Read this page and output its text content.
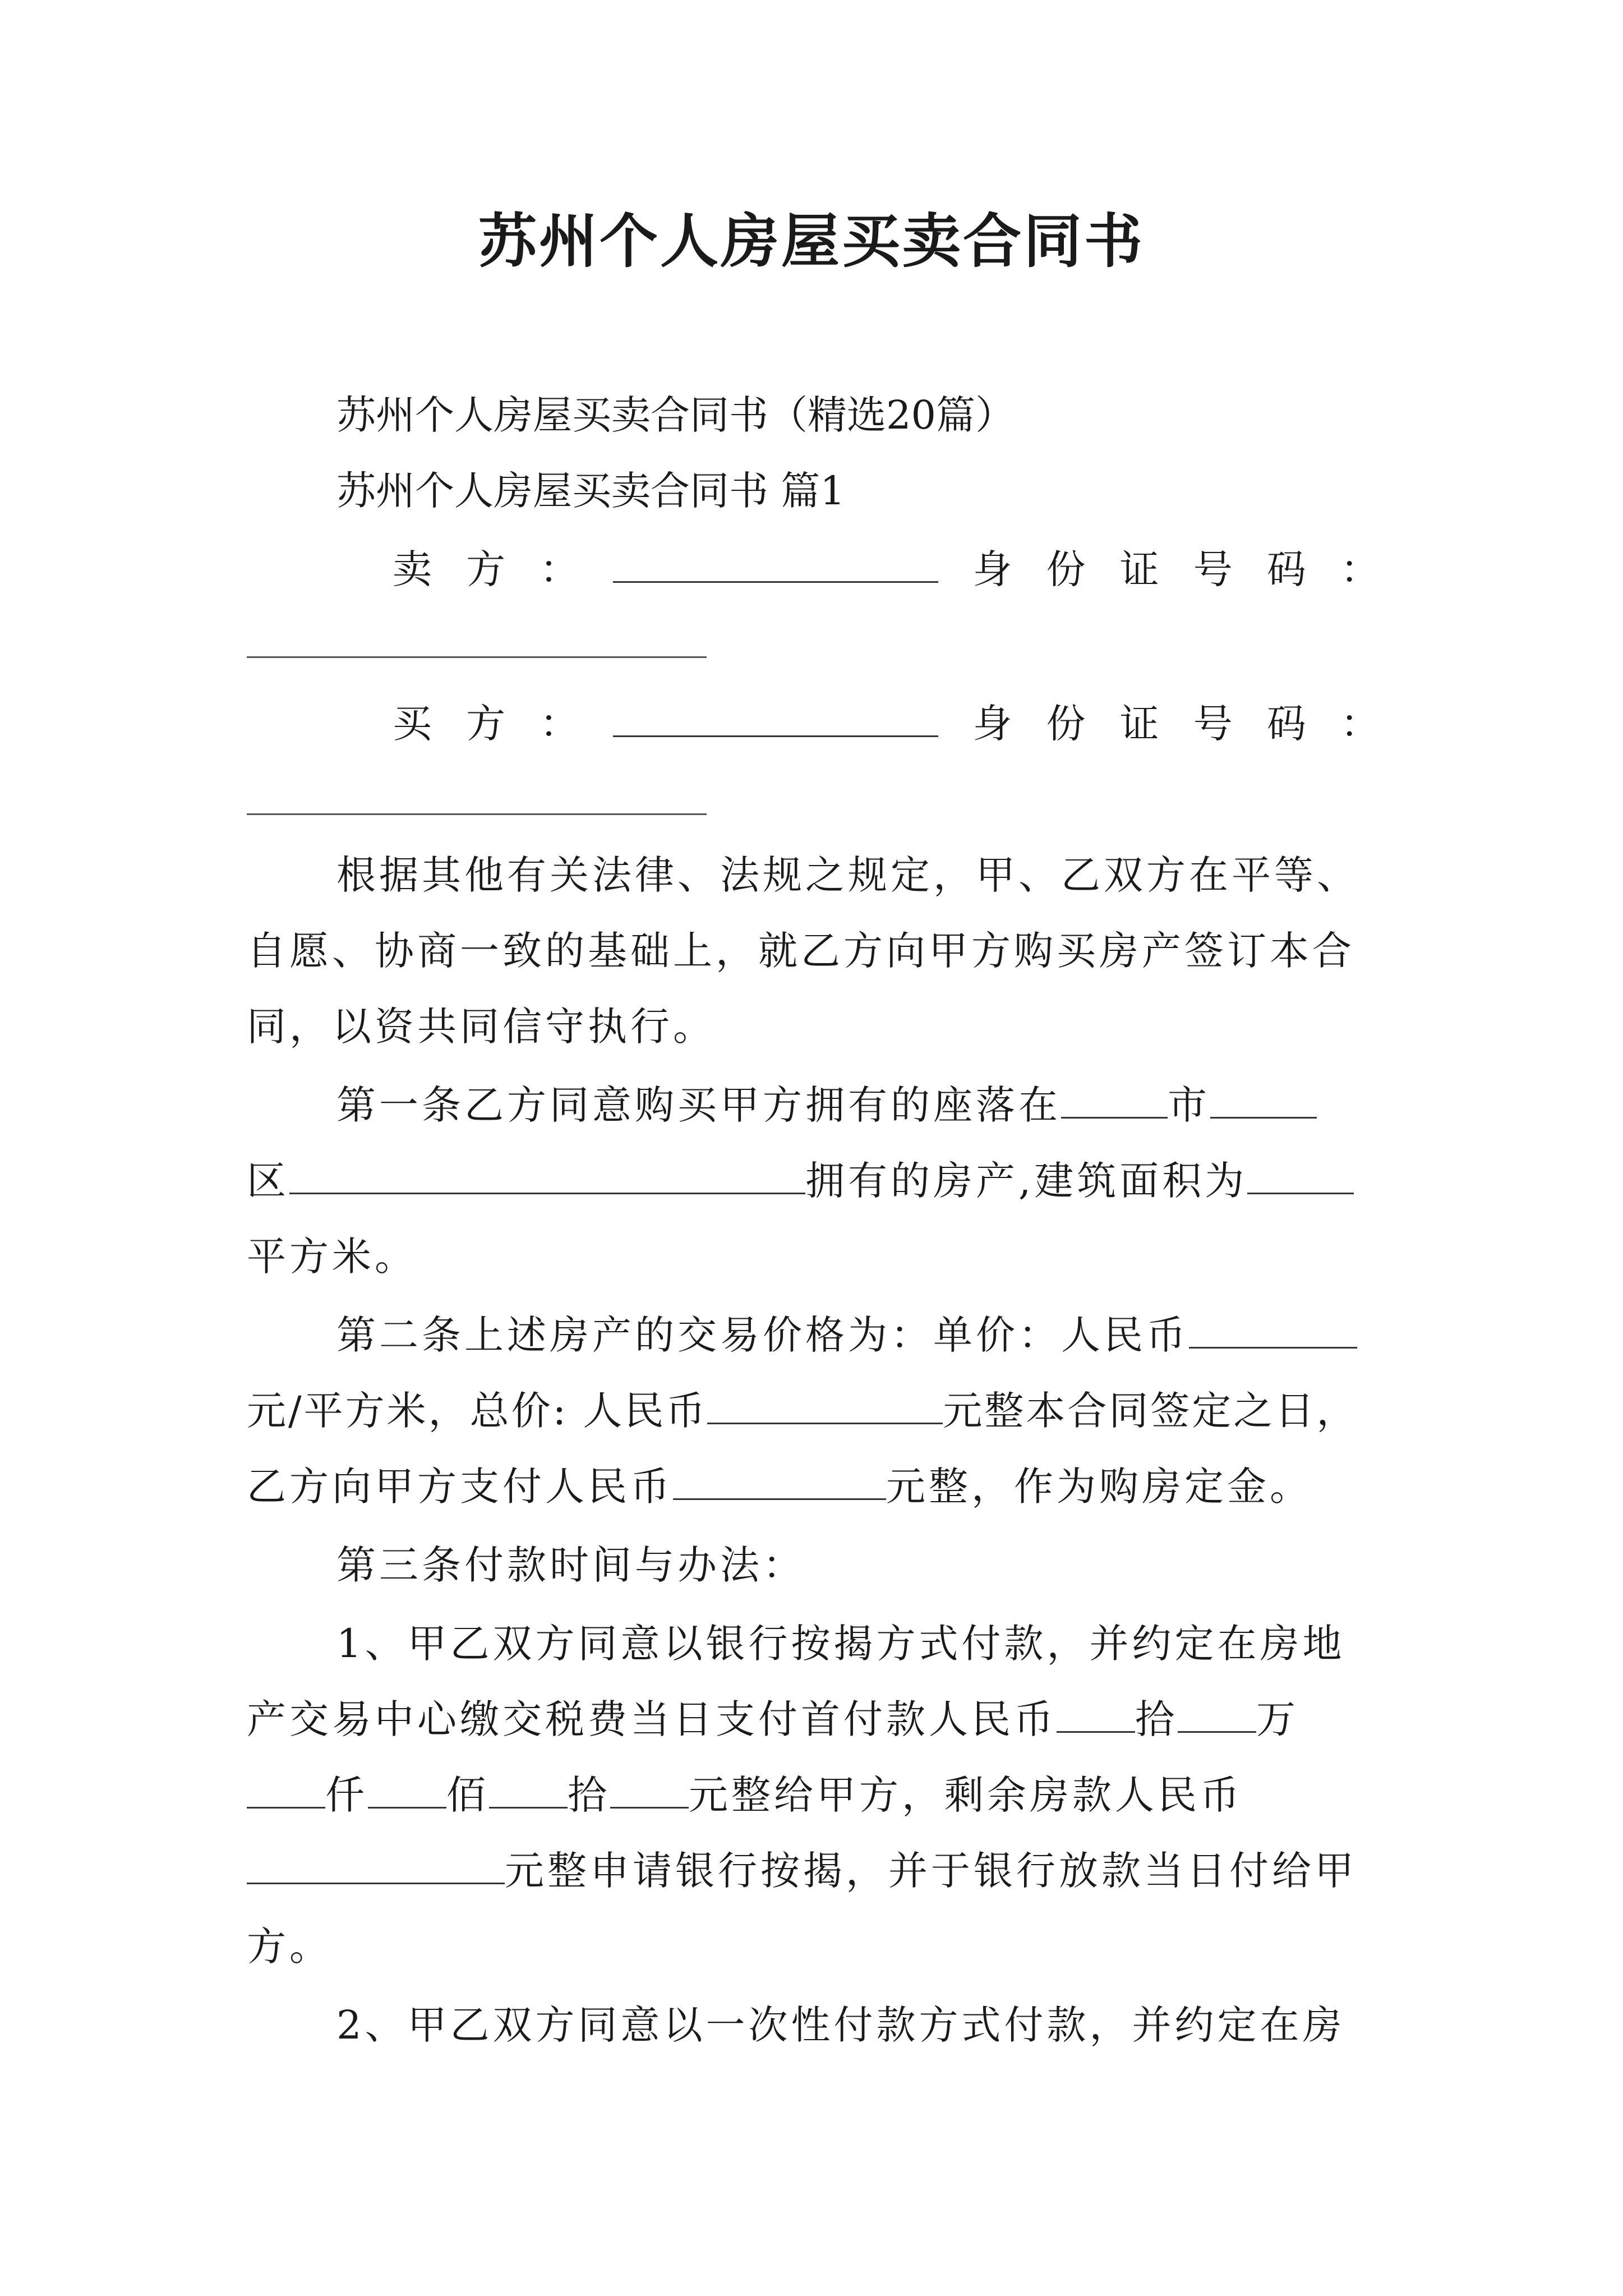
苏州个人房屋买卖合同书
苏州个人房屋买卖合同书（精选20篇）
苏州个人房屋买卖合同书 篇1
卖 方 ：	身 份 证 号 码 ：
买 方 ：	身 份 证 号 码 ：
根据其他有关法律、法规之规定，甲、乙双方在平等、
自愿、协商一致的基础上，就乙方向甲方购买房产签订本合
同，以资共同信守执行。
第一条乙方同意购买甲方拥有的座落在	市
区	拥有的房产,建筑面积为
平方米。
第二条上述房产的交易价格为：单价：人民币
元/平方米，总价: 人民币	元整本合同签定之日，
乙方向甲方支付人民币	元整，作为购房定金。
第三条付款时间与办法：
1、甲乙双方同意以银行按揭方式付款，并约定在房地
产交易中心缴交税费当日支付首付款人民币 拾 万
仟 佰 拾 元整给甲方，剩余房款人民币
元整申请银行按揭，并于银行放款当日付给甲
方。
2、甲乙双方同意以一次性付款方式付款，并约定在房
